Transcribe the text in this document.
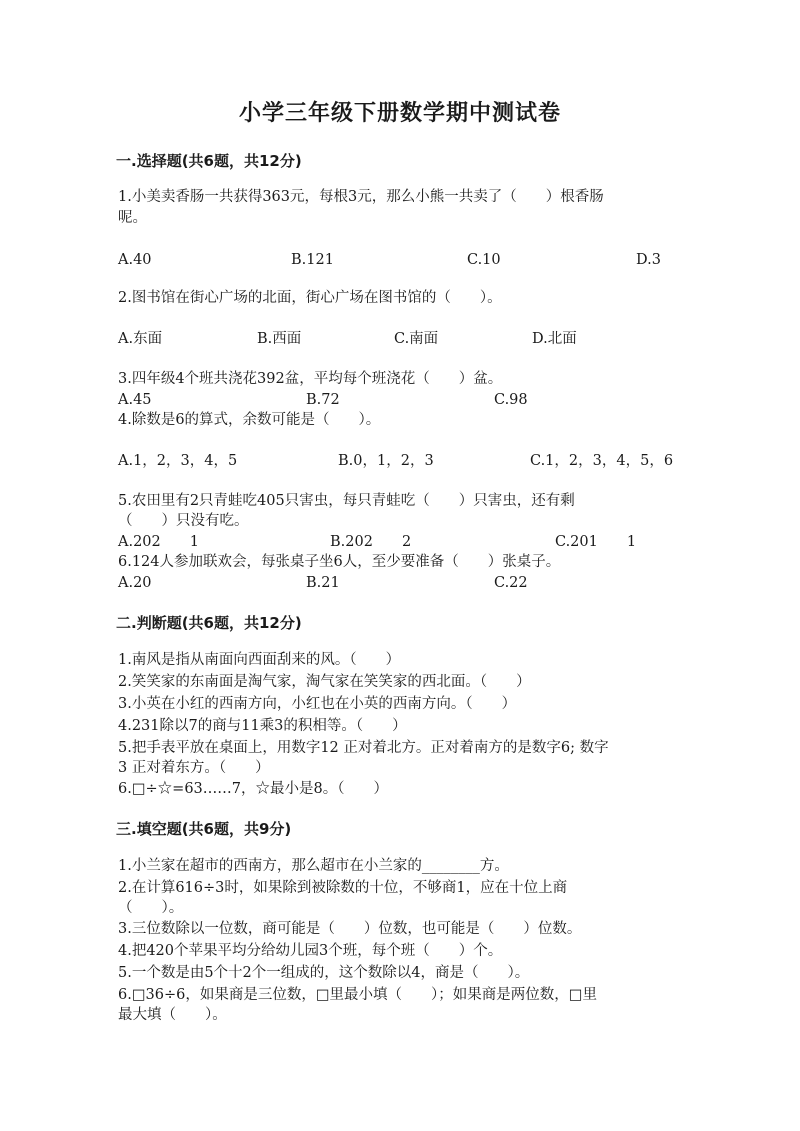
小学三年级下册数学期中测试卷
一.选择题(共6题，共12分)
1.小美卖香肠一共获得363元，每根3元，那么小熊一共卖了（　　）根香肠
呢。
A.40	B.121	C.10	D.3
2.图书馆在街心广场的北面，街心广场在图书馆的（　　）。
A.东面	B.西面	C.南面	D.北面
3.四年级4个班共浇花392盆，平均每个班浇花（　　）盆。
A.45	B.72	C.98
4.除数是6的算式，余数可能是（　　）。
A.1，2，3，4，5	B.0，1，2，3	C.1，2，3，4，5，6
5.农田里有2只青蛙吃405只害虫，每只青蛙吃（　　）只害虫，还有剩
（　　）只没有吃。
A.202　　1	B.202　　2	C.201　　1
6.124人参加联欢会，每张桌子坐6人，至少要准备（　　）张桌子。
A.20	B.21	C.22
二.判断题(共6题，共12分)
1.南风是指从南面向西面刮来的风。（　　）
2.笑笑家的东南面是淘气家，淘气家在笑笑家的西北面。（　　）
3.小英在小红的西南方向，小红也在小英的西南方向。（　　）
4.231除以7的商与11乘3的积相等。（　　）
5.把手表平放在桌面上，用数字12 正对着北方。正对着南方的是数字6; 数字
3 正对着东方。（　　）
6.□÷☆=63……7，☆最小是8。（　　）
三.填空题(共6题，共9分)
1.小兰家在超市的西南方，那么超市在小兰家的________方。
2.在计算616÷3时，如果除到被除数的十位，不够商1，应在十位上商
（　　）。
3.三位数除以一位数，商可能是（　　）位数，也可能是（　　）位数。
4.把420个苹果平均分给幼儿园3个班，每个班（　　）个。
5.一个数是由5个十2个一组成的，这个数除以4，商是（　　）。
6.□36÷6，如果商是三位数，□里最小填（　　）；如果商是两位数，□里
最大填（　　）。
